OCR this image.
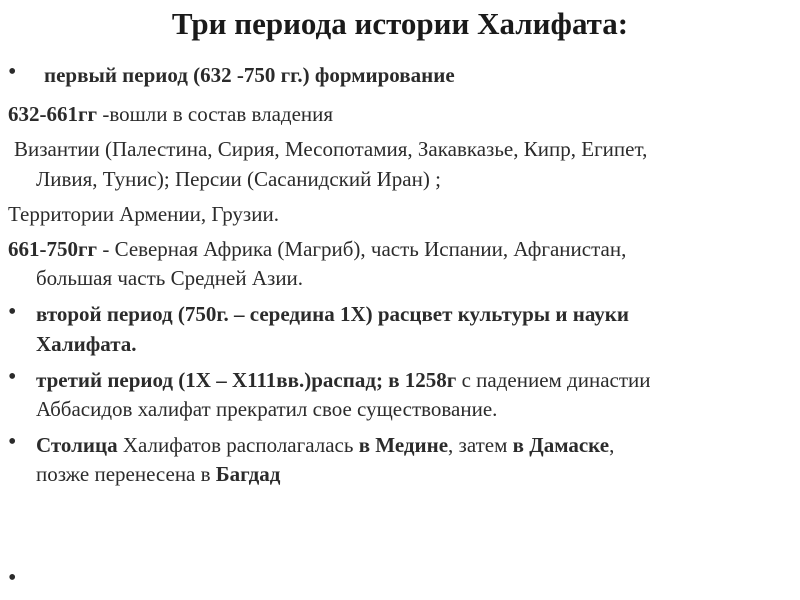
Три периода истории Халифата:
• первый период (632 -750 гг.) формирование
632-661гг -вошли в состав владения
Византии (Палестина, Сирия, Месопотамия, Закавказье, Кипр, Египет,
Ливия, Тунис); Персии (Сасанидский Иран) ;
Территории Армении, Грузии.
661-750гг - Северная Африка (Магриб), часть Испании, Афганистан,
большая часть Средней Азии.
• второй период (750г. – середина 1Х) расцвет культуры и науки
Халифата.
• третий период (1Х – Х111вв.)распад; в 1258г с падением династии
Аббасидов халифат прекратил свое существование.
• Столица Халифатов располагалась в Медине, затем в Дамаске,
позже перенесена в Багдад
•
